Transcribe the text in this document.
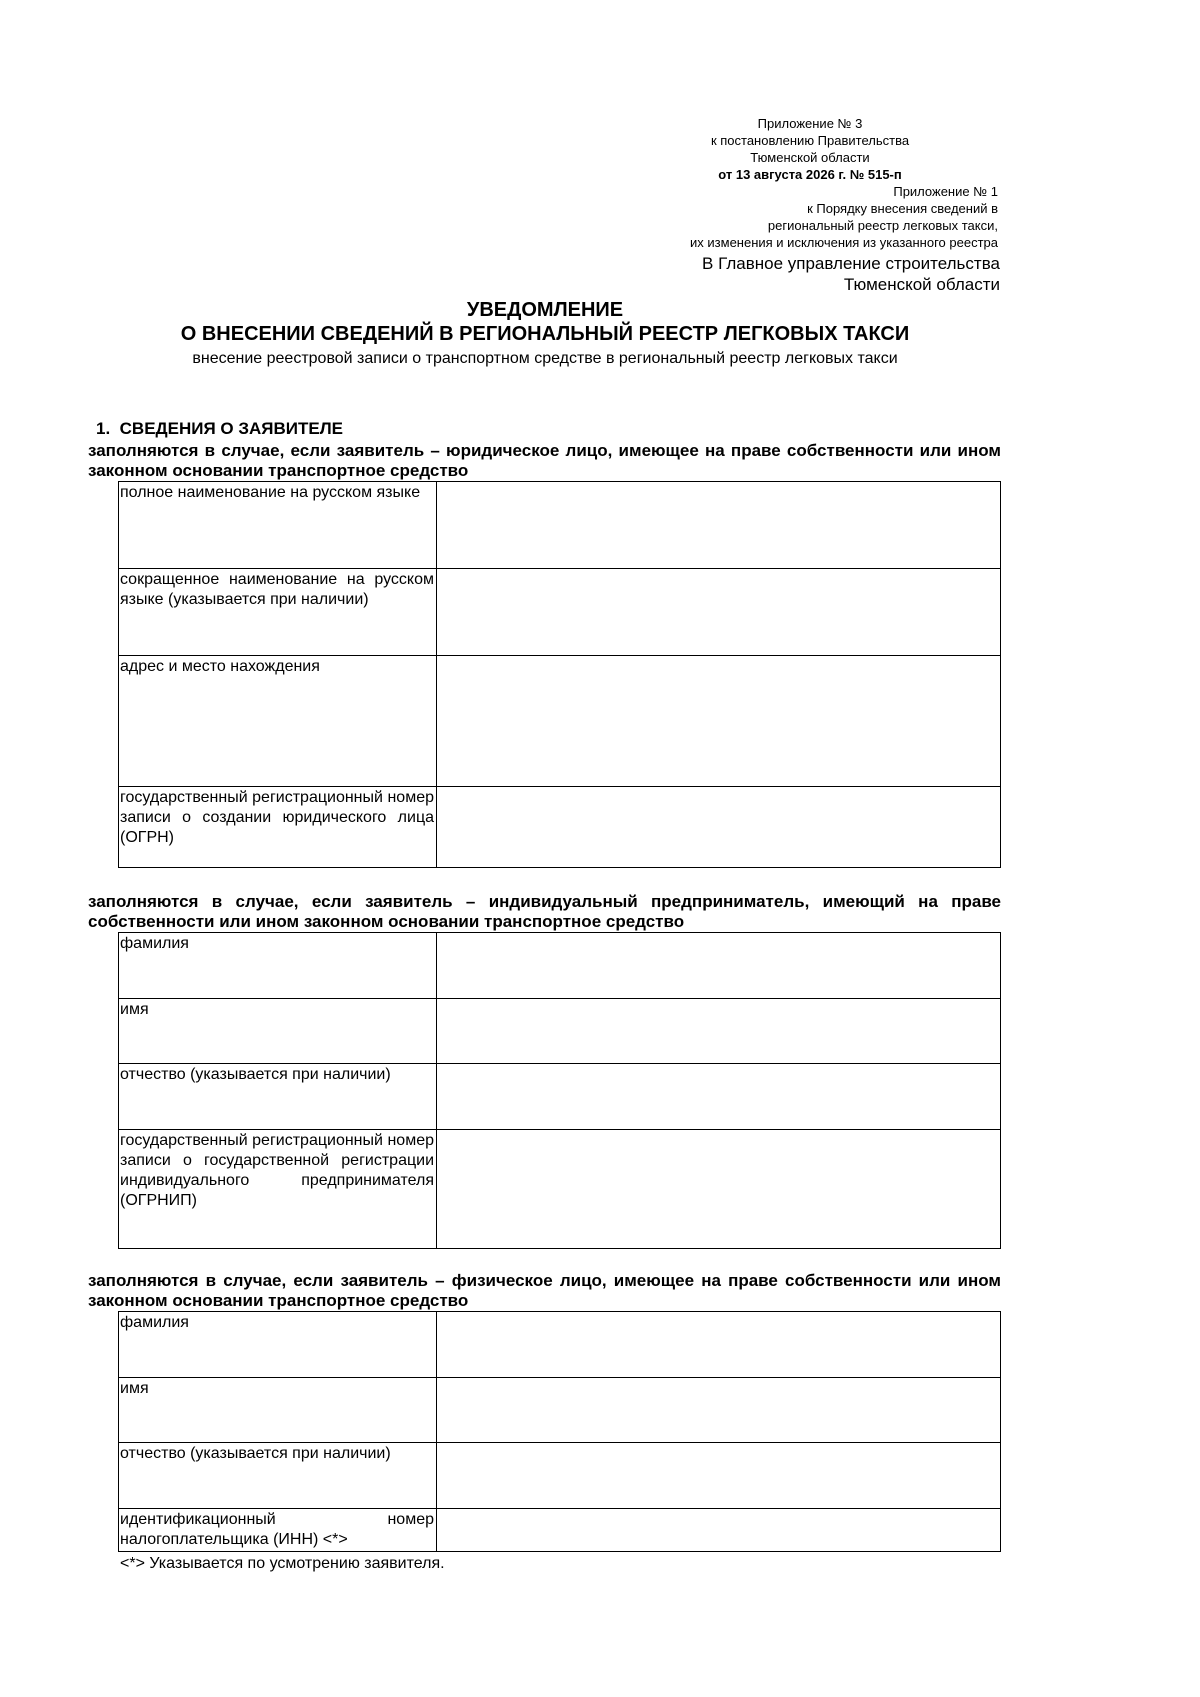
Приложение № 3
к постановлению Правительства
Тюменской области
от 13 августа 2026 г. № 515-п
Приложение № 1
к Порядку внесения сведений в
региональный реестр легковых такси,
их изменения и исключения из указанного реестра
В Главное управление строительства
Тюменской области
УВЕДОМЛЕНИЕ
О ВНЕСЕНИИ СВЕДЕНИЙ В РЕГИОНАЛЬНЫЙ РЕЕСТР ЛЕГКОВЫХ ТАКСИ
внесение реестровой записи о транспортном средстве в региональный реестр легковых такси
1. СВЕДЕНИЯ О ЗАЯВИТЕЛЕ
заполняются в случае, если заявитель – юридическое лицо, имеющее на праве собственности или ином законном основании транспортное средство
полное наименование на русском языке	
сокращенное наименование на русском языке (указывается при наличии)	
адрес и место нахождения	
государственный регистрационный номер записи о создании юридического лица (ОГРН)	
заполняются в случае, если заявитель – индивидуальный предприниматель, имеющий на праве собственности или ином законном основании транспортное средство
фамилия	
имя	
отчество (указывается при наличии)	
государственный регистрационный номер записи о государственной регистрации индивидуального предпринимателя (ОГРНИП)	
заполняются в случае, если заявитель – физическое лицо, имеющее на праве собственности или ином законном основании транспортное средство
фамилия	
имя	
отчество (указывается при наличии)	
идентификационный номер налогоплательщика (ИНН) <*>	
<*> Указывается по усмотрению заявителя.
